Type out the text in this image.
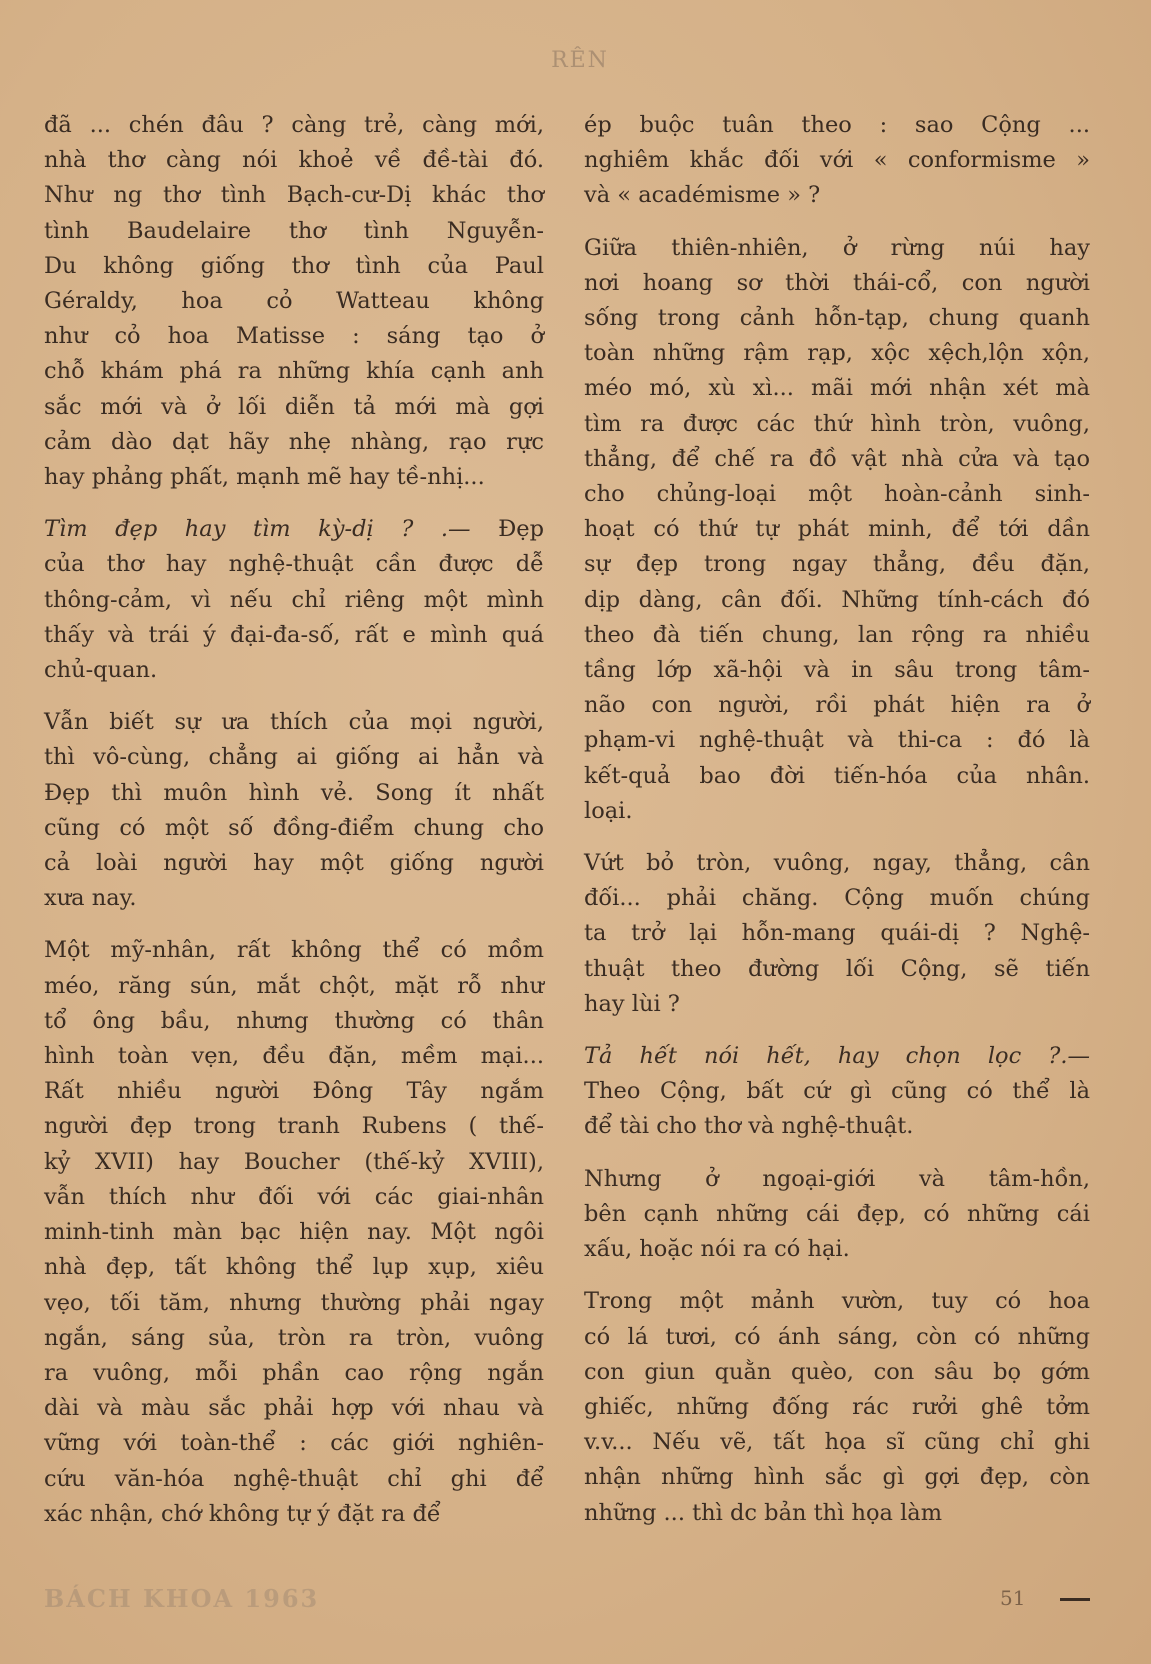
RÊN

đã ... chén đâu ? càng trẻ, càng mới,
nhà thơ càng nói khoẻ về đề-tài đó.
Như ng thơ tình Bạch-cư-Dị khác thơ
tình Baudelaire thơ tình Nguyễn-
Du không giống thơ tình của Paul
Géraldy, hoa cỏ Watteau không
như cỏ hoa Matisse : sáng tạo ở
chỗ khám phá ra những khía cạnh anh
sắc mới và ở lối diễn tả mới mà gợi
cảm dào dạt hãy nhẹ nhàng, rạo rực
hay phảng phất, mạnh mẽ hay tề-nhị...

Tìm đẹp hay tìm kỳ-dị ? .— Đẹp
của thơ hay nghệ-thuật cần được dễ
thông-cảm, vì nếu chỉ riêng một mình
thấy và trái ý đại-đa-số, rất e mình quá
chủ-quan.

Vẫn biết sự ưa thích của mọi người,
thì vô-cùng, chẳng ai giống ai hẳn và
Đẹp thì muôn hình vẻ. Song ít nhất
cũng có một số đồng-điểm chung cho
cả loài người hay một giống người
xưa nay.

Một mỹ-nhân, rất không thể có mồm
méo, răng sún, mắt chột, mặt rỗ như
tổ ông bầu, nhưng thường có thân
hình toàn vẹn, đều đặn, mềm mại...
Rất nhiều người Đông Tây ngắm
người đẹp trong tranh Rubens ( thế-
kỷ XVII) hay Boucher (thế-kỷ XVIII),
vẫn thích như đối với các giai-nhân
minh-tinh màn bạc hiện nay. Một ngôi
nhà đẹp, tất không thể lụp xụp, xiêu
vẹo, tối tăm, nhưng thường phải ngay
ngắn, sáng sủa, tròn ra tròn, vuông
ra vuông, mỗi phần cao rộng ngắn
dài và màu sắc phải hợp với nhau và
vững với toàn-thể : các giới nghiên-
cứu văn-hóa nghệ-thuật chỉ ghi để
xác nhận, chớ không tự ý đặt ra để

ép buộc tuân theo : sao Cộng ...
nghiêm khắc đối với « conformisme »
và « académisme » ?

Giữa thiên-nhiên, ở rừng núi hay
nơi hoang sơ thời thái-cổ, con người
sống trong cảnh hỗn-tạp, chung quanh
toàn những rậm rạp, xộc xệch,lộn xộn,
méo mó, xù xì... mãi mới nhận xét mà
tìm ra được các thứ hình tròn, vuông,
thẳng, để chế ra đồ vật nhà cửa và tạo
cho chủng-loại một hoàn-cảnh sinh-
hoạt có thứ tự phát minh, để tới dần
sự đẹp trong ngay thẳng, đều đặn,
dịp dàng, cân đối. Những tính-cách đó
theo đà tiến chung, lan rộng ra nhiều
tầng lớp xã-hội và in sâu trong tâm-
não con người, rồi phát hiện ra ở
phạm-vi nghệ-thuật và thi-ca : đó là
kết-quả bao đời tiến-hóa của nhân.
loại.

Vứt bỏ tròn, vuông, ngay, thẳng, cân
đối... phải chăng. Cộng muốn chúng
ta trở lại hỗn-mang quái-dị ? Nghệ-
thuật theo đường lối Cộng, sẽ tiến
hay lùi ?

Tả hết nói hết, hay chọn lọc ?.—
Theo Cộng, bất cứ gì cũng có thể là
để tài cho thơ và nghệ-thuật.

Nhưng ở ngoại-giới và tâm-hồn,
bên cạnh những cái đẹp, có những cái
xấu, hoặc nói ra có hại.

Trong một mảnh vườn, tuy có hoa
có lá tươi, có ánh sáng, còn có những
con giun quằn quèo, con sâu bọ gớm
ghiếc, những đống rác rưởi ghê tởm
v.v... Nếu vẽ, tất họa sĩ cũng chỉ ghi
nhận những hình sắc gì gợi đẹp, còn
những ... thì dc bản thì họa làm

BÁCH KHOA 1963	51
